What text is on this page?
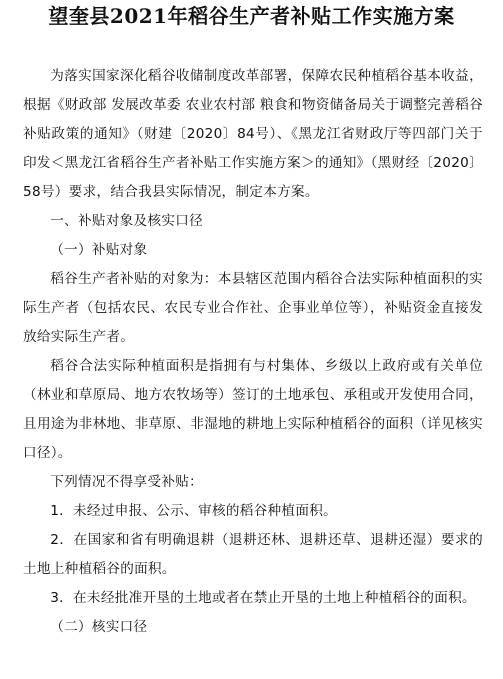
望奎县2021年稻谷生产者补贴工作实施方案

为落实国家深化稻谷收储制度改革部署，保障农民种植稻谷基本收益，根据《财政部 发展改革委 农业农村部 粮食和物资储备局关于调整完善稻谷补贴政策的通知》（财建〔2020〕84号）、《黑龙江省财政厅等四部门关于印发＜黑龙江省稻谷生产者补贴工作实施方案＞的通知》（黑财经〔2020〕58号）要求，结合我县实际情况，制定本方案。

一、补贴对象及核实口径

（一）补贴对象

稻谷生产者补贴的对象为：本县辖区范围内稻谷合法实际种植面积的实际生产者（包括农民、农民专业合作社、企事业单位等），补贴资金直接发放给实际生产者。

稻谷合法实际种植面积是指拥有与村集体、乡级以上政府或有关单位（林业和草原局、地方农牧场等）签订的土地承包、承租或开发使用合同，且用途为非林地、非草原、非湿地的耕地上实际种植稻谷的面积（详见核实口径）。

下列情况不得享受补贴：

1．未经过申报、公示、审核的稻谷种植面积。

2．在国家和省有明确退耕（退耕还林、退耕还草、退耕还湿）要求的土地上种植稻谷的面积。

3．在未经批准开垦的土地或者在禁止开垦的土地上种植稻谷的面积。

（二）核实口径
